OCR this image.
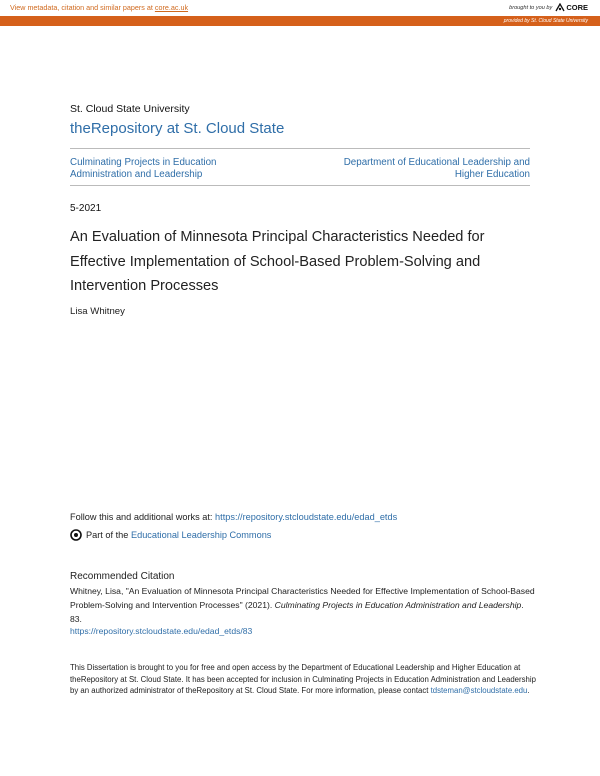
View metadata, citation and similar papers at core.ac.uk	brought to you by CORE
provided by St. Cloud State University
St. Cloud State University
theRepository at St. Cloud State
Culminating Projects in Education
Administration and Leadership
Department of Educational Leadership and
Higher Education
5-2021
An Evaluation of Minnesota Principal Characteristics Needed for
Effective Implementation of School-Based Problem-Solving and
Intervention Processes
Lisa Whitney
Follow this and additional works at: https://repository.stcloudstate.edu/edad_etds
Part of the Educational Leadership Commons
Recommended Citation
Whitney, Lisa, "An Evaluation of Minnesota Principal Characteristics Needed for Effective Implementation of School-Based Problem-Solving and Intervention Processes" (2021). Culminating Projects in Education Administration and Leadership. 83.
https://repository.stcloudstate.edu/edad_etds/83
This Dissertation is brought to you for free and open access by the Department of Educational Leadership and Higher Education at theRepository at St. Cloud State. It has been accepted for inclusion in Culminating Projects in Education Administration and Leadership by an authorized administrator of theRepository at St. Cloud State. For more information, please contact tdsteman@stcloudstate.edu.
